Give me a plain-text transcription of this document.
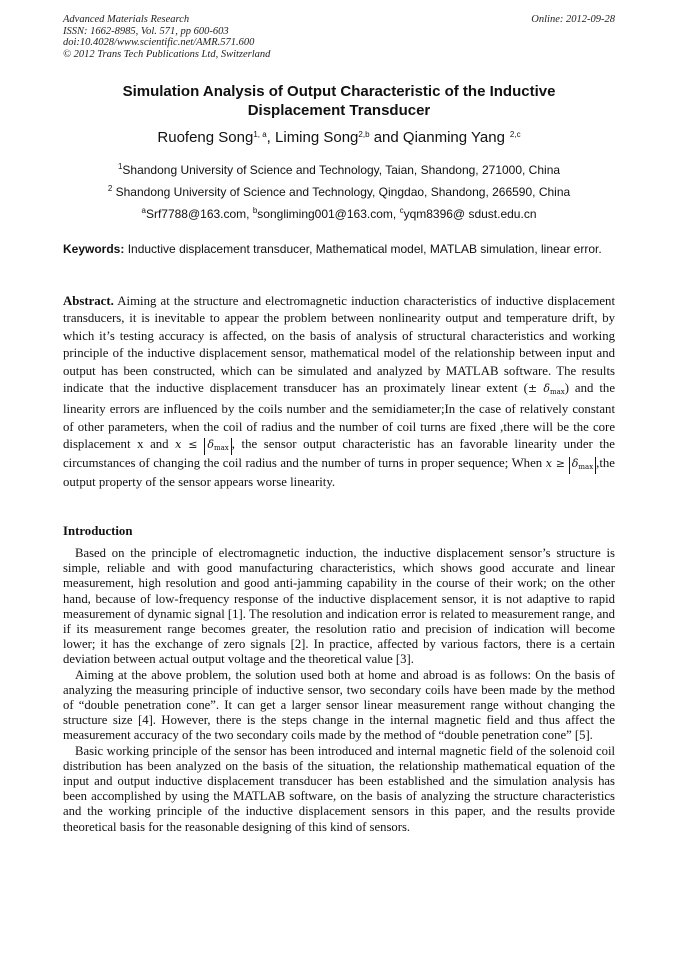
Advanced Materials Research
ISSN: 1662-8985, Vol. 571, pp 600-603
doi:10.4028/www.scientific.net/AMR.571.600
© 2012 Trans Tech Publications Ltd, Switzerland
Online: 2012-09-28
Simulation Analysis of Output Characteristic of the Inductive
Displacement Transducer
Ruofeng Song$^{1, a}$, Liming Song$^{2,b}$ and Qianming Yang $^{2,c}$
$^1$Shandong University of Science and Technology, Taian, Shandong, 271000, China
$^2$ Shandong University of Science and Technology, Qingdao, Shandong, 266590, China
$^a$Srf7788@163.com, $^b$songliming001@163.com, $^c$yqm8396@ sdust.edu.cn
Keywords: Inductive displacement transducer, Mathematical model, MATLAB simulation, linear error.
Abstract. Aiming at the structure and electromagnetic induction characteristics of inductive displacement transducers, it is inevitable to appear the problem between nonlinearity output and temperature drift, by which it’s testing accuracy is affected, on the basis of analysis of structural characteristics and working principle of the inductive displacement sensor, mathematical model of the relationship between input and output has been constructed, which can be simulated and analyzed by MATLAB software. The results indicate that the inductive displacement transducer has an proximately linear extent (± $\delta_{max}$) and the linearity errors are influenced by the coils number and the semidiameter;In the case of relatively constant of other parameters, when the coil of radius and the number of coil turns are fixed ,there will be the core displacement x and $x \le \delta_{max}$ , the sensor output characteristic has an favorable linearity under the circumstances of changing the coil radius and the number of turns in proper sequence; When $x \ge \delta_{max}$ ,the output property of the sensor appears worse linearity.
Introduction

Based on the principle of electromagnetic induction, the inductive displacement sensor’s structure is simple, reliable and with good manufacturing characteristics, which shows good accurate and linear measurement, high resolution and good anti-jamming capability in the course of their work; on the other hand, because of low-frequency response of the inductive displacement sensor, it is not adaptive to rapid measurement of dynamic signal [1]. The resolution and indication error is related to measurement range, and if its measurement range becomes greater, the resolution ratio and precision of indication will become lower; it has the exchange of zero signals [2]. In practice, affected by various factors, there is a certain deviation between actual output voltage and the theoretical value [3].

Aiming at the above problem, the solution used both at home and abroad is as follows: On the basis of analyzing the measuring principle of inductive sensor, two secondary coils have been made by the method of “double penetration cone”. It can get a larger sensor linear measurement range without changing the structure size [4]. However, there is the steps change in the internal magnetic field and thus affect the measurement accuracy of the two secondary coils made by the method of “double penetration cone” [5].

Basic working principle of the sensor has been introduced and internal magnetic field of the solenoid coil distribution has been analyzed on the basis of the situation, the relationship mathematical equation of the input and output inductive displacement transducer has been established and the simulation analysis has been accomplished by using the MATLAB software, on the basis of analyzing the structure characteristics and the working principle of the inductive displacement sensors in this paper, and the results provide theoretical basis for the reasonable designing of this kind of sensors.
